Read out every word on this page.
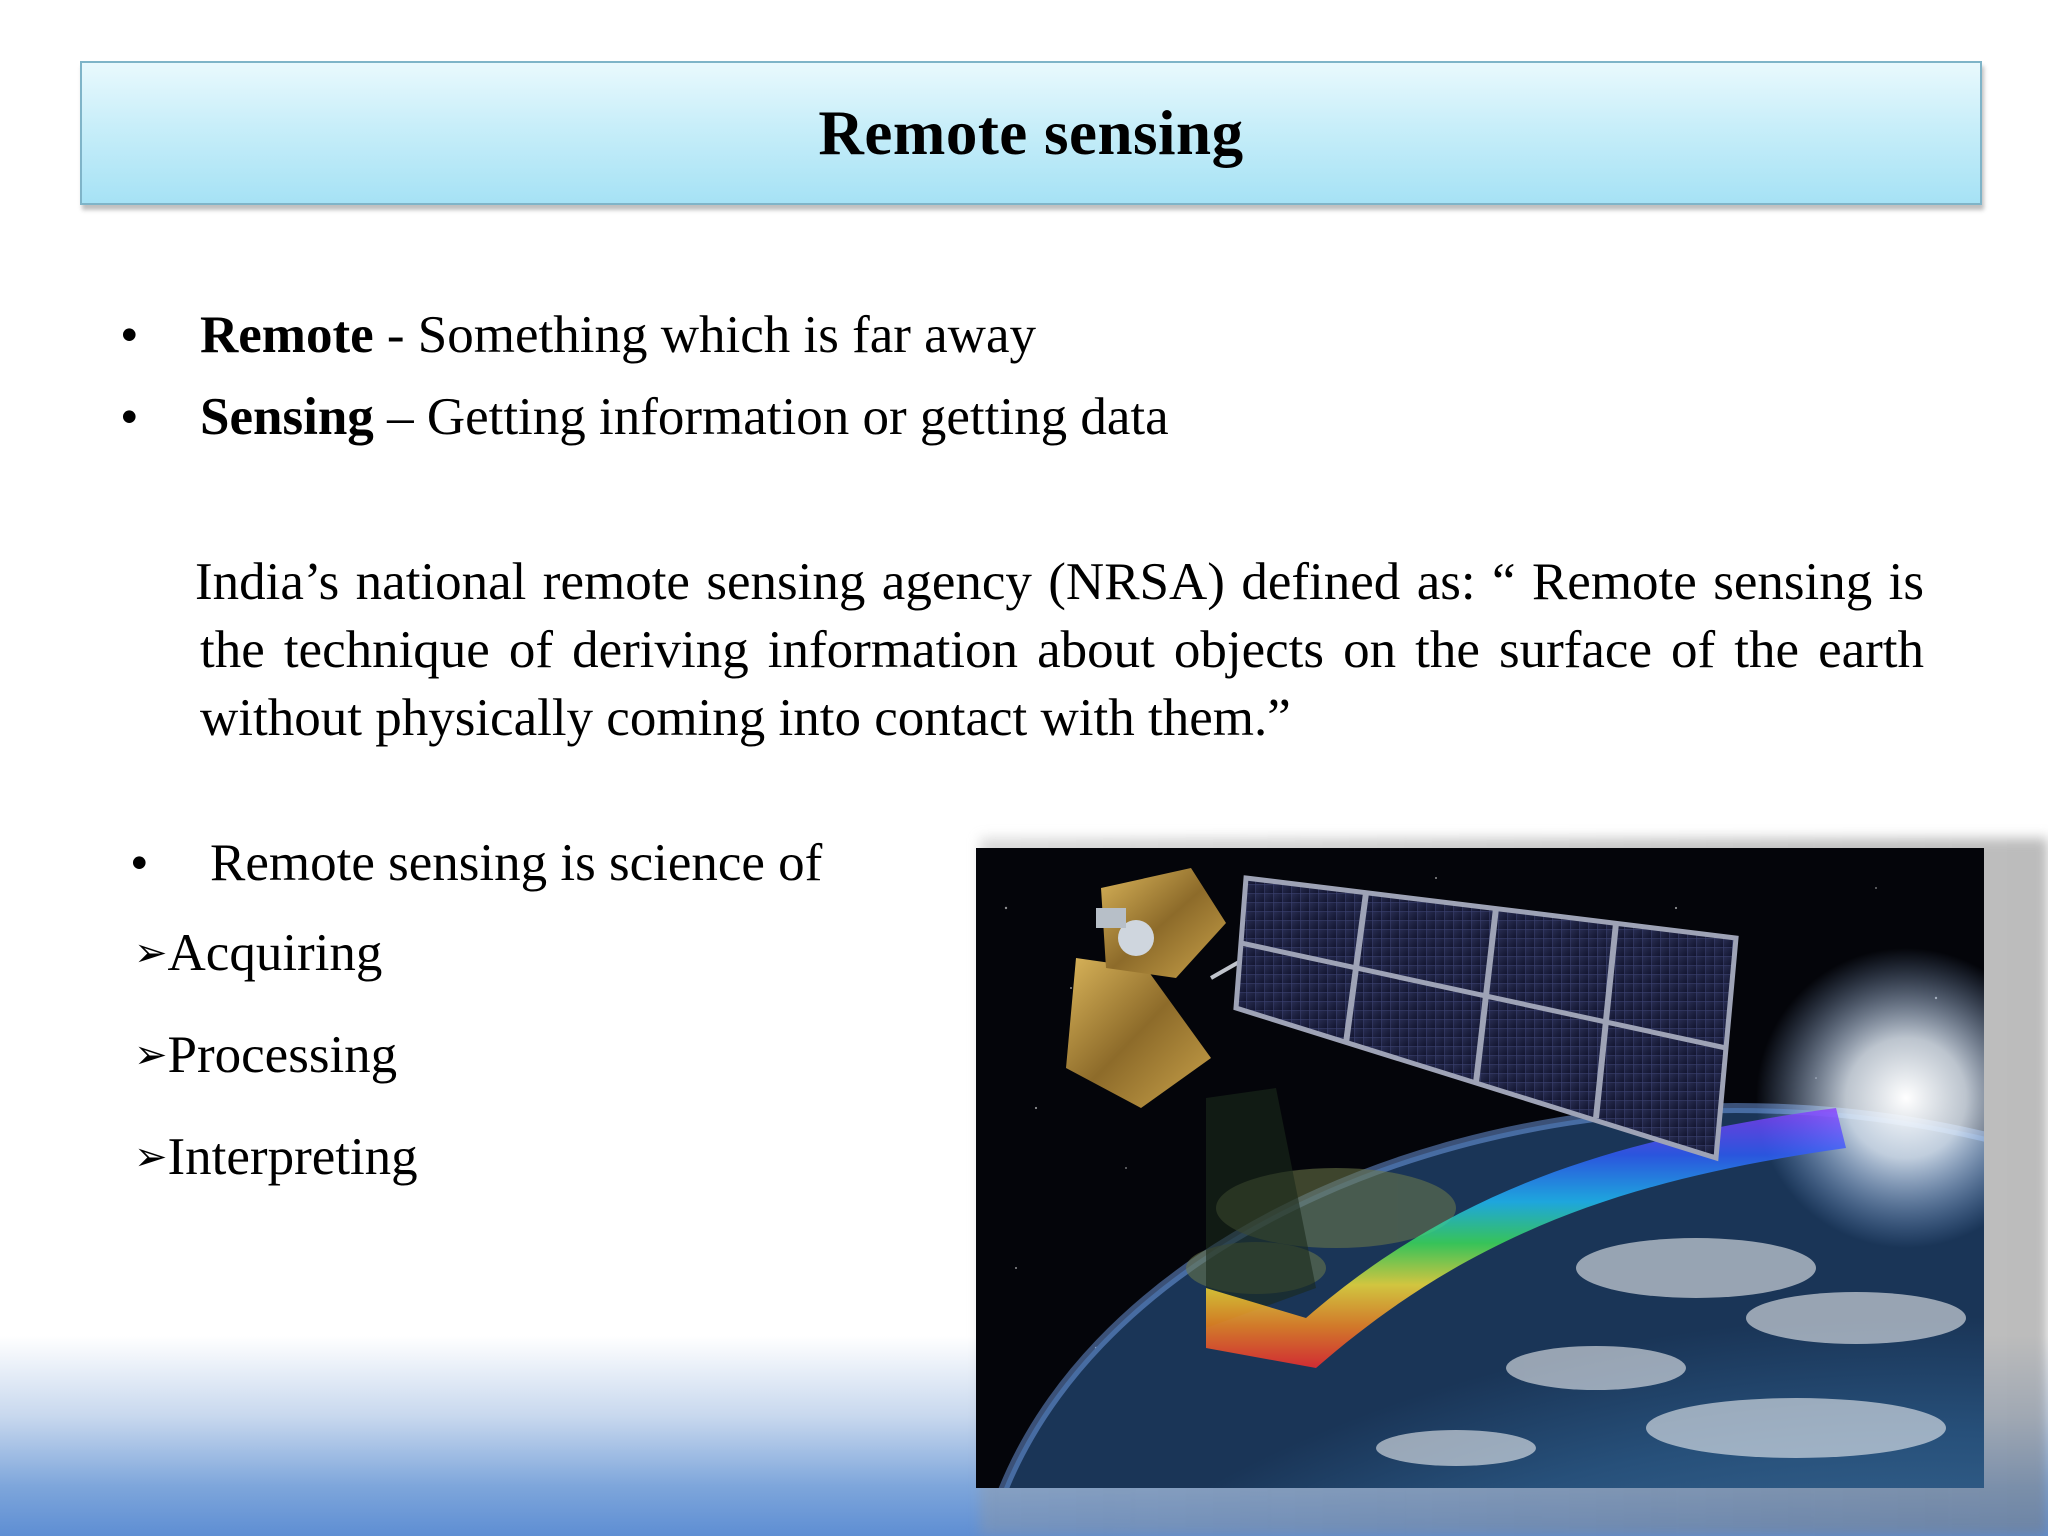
Remote sensing
• Remote - Something which is far away
• Sensing – Getting information or getting data
India’s national remote sensing agency (NRSA) defined as: “ Remote sensing is the technique of deriving information about objects on the surface of the earth without physically coming into contact with them.”
• Remote sensing is science of
➢Acquiring
➢Processing
➢Interpreting
